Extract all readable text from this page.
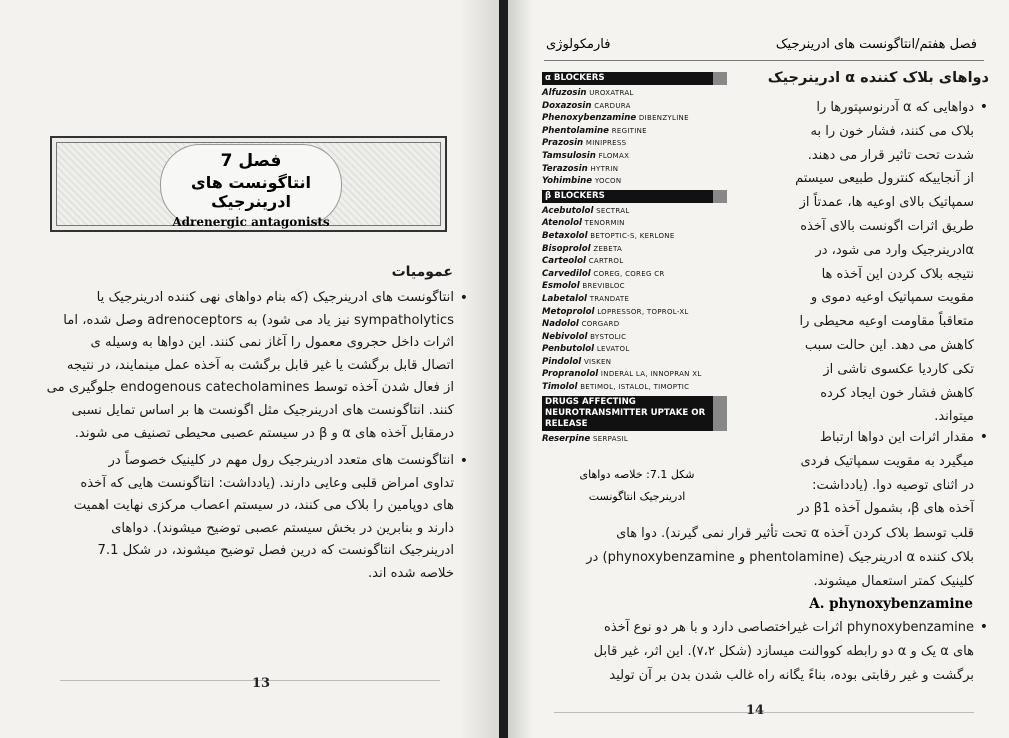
فصل 7
انتاگونست های ادرینرجیک
Adrenergic antagonists
عمومیات
•

انتاگونست های ادرینرجیک (که بنام دواهای نهی کننده ادرینرجیک یا

sympatholytics نیز یاد می شود) به adrenoceptors وصل شده، اما

اثرات داخل حجروی معمول را آغاز نمی کنند. این دواها به وسیله ی

اتصال قابل برگشت یا غیر قابل برگشت به آخذه عمل مینمایند، در نتیجه

از فعال شدن آخذه توسط endogenous catecholamines جلوگیری می

کنند. انتاگونست های ادرینرجیک مثل اگونست ها بر اساس تمایل نسبی

درمقابل آخذه های α و β در سیستم عصبی محیطی تصنیف می شوند.

•

انتاگونست های متعدد ادرینرجیک رول مهم در کلینیک خصوصاً در

تداوی امراض قلبی وعایی دارند. (یادداشت: انتاگونست هایی که آخذه

های دوپامین را بلاک می کنند، در سیستم اعصاب مرکزی نهایت اهمیت

دارند و بنابرین در بخش سیستم عصبی توضیح میشوند). دواهای

ادرینرجیک انتاگونست که درین فصل توضیح میشوند، در شکل 7.1

خلاصه شده اند.

13
فصل هفتم/انتاگونست های ادرینرجیک
فارمکولوژی
α BLOCKERS
Alfuzosin UROXATRAL
Doxazosin CARDURA
Phenoxybenzamine DIBENZYLINE
Phentolamine REGITINE
Prazosin MINIPRESS
Tamsulosin FLOMAX
Terazosin HYTRIN
Yohimbine YOCON
β BLOCKERS
Acebutolol SECTRAL
Atenolol TENORMIN
Betaxolol BETOPTIC-S, KERLONE
Bisoprolol ZEBETA
Carteolol CARTROL
Carvedilol COREG, COREG CR
Esmolol BREVIBLOC
Labetalol TRANDATE
Metoprolol LOPRESSOR, TOPROL-XL
Nadolol CORGARD
Nebivolol BYSTOLIC
Penbutolol LEVATOL
Pindolol VISKEN
Propranolol INDERAL LA, INNOPRAN XL
Timolol BETIMOL, ISTALOL, TIMOPTIC
DRUGS AFFECTING NEUROTRANSMITTER UPTAKE OR RELEASE
Reserpine SERPASIL
شکل 7.1: خلاصه دواهای
ادرینرجیک انتاگونست
دواهای بلاک کننده α ادرینرجیک
•

دواهایی که α آدرنوسپتورها را

بلاک می کنند، فشار خون را به

شدت تحت تاثیر قرار می دهند.

از آنجاییکه کنترول طبیعی سیستم

سمپاتیک بالای اوعیه ها، عمدتاً از

طریق اثرات اگونست بالای آخذه

αادرینرجیک وارد می شود، در

نتیجه بلاک کردن این آخذه ها

مقویت سمپاتیک اوعیه دموی و

متعاقباً مقاومت اوعیه محیطی را

کاهش می دهد. این حالت سبب

تکی کاردیا عکسوی ناشی از

کاهش فشار خون ایجاد کرده

میتواند.

•

مقدار اثرات این دواها ارتباط

میگیرد به مقویت سمپاتیک فردی

در اثنای توصیه دوا. (یادداشت:

آخذه های β، بشمول آخذه β1 در

قلب توسط بلاک کردن آخذه α تحت تأثیر قرار نمی گیرند). دوا های

بلاک کننده α ادرینرجیک (phentolamine و phynoxybenzamine) در

کلینیک کمتر استعمال میشوند.

A. phynoxybenzamine
•

phynoxybenzamine اثرات غیراختصاصی دارد و با هر دو نوع آخذه

های α یک و α دو رابطه کووالنت میسازد (شکل ۷،۲). این اثر، غیر قابل

برگشت و غیر رقابتی بوده، بناءً یگانه راه غالب شدن بدن بر آن تولید

14
